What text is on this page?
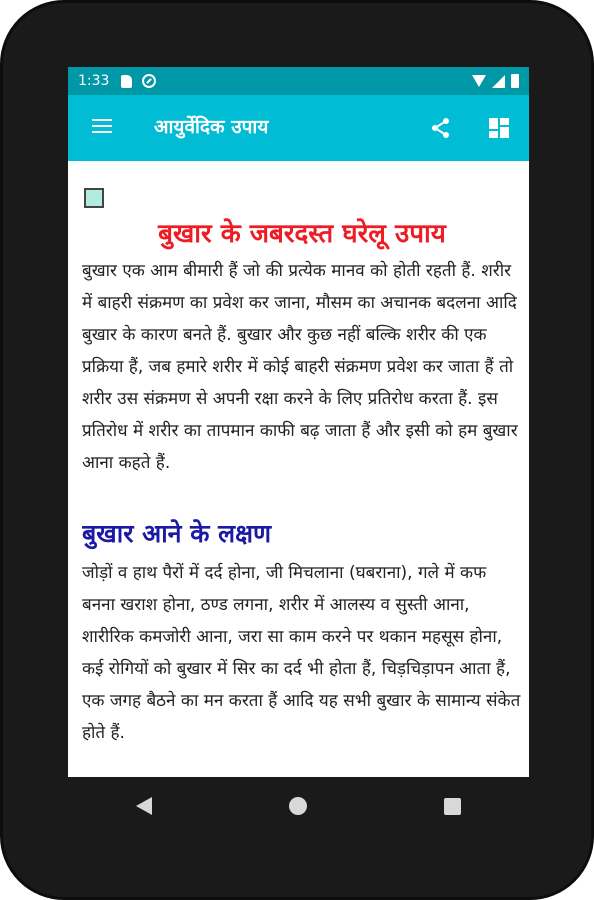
1:33
आयुर्वेदिक उपाय
बुखार के जबरदस्त घरेलू उपाय

बुखार एक आम बीमारी हैं जो की प्रत्येक मानव को होती रहती हैं. शरीर में बाहरी संक्रमण का प्रवेश कर जाना, मौसम का अचानक बदलना आदि बुखार के कारण बनते हैं. बुखार और कुछ नहीं बल्कि शरीर की एक प्रक्रिया हैं, जब हमारे शरीर में कोई बाहरी संक्रमण प्रवेश कर जाता हैं तो शरीर उस संक्रमण से अपनी रक्षा करने के लिए प्रतिरोध करता हैं. इस प्रतिरोध में शरीर का तापमान काफी बढ़ जाता हैं और इसी को हम बुखार आना कहते हैं.

बुखार आने के लक्षण

जोड़ों व हाथ पैरों में दर्द होना, जी मिचलाना (घबराना), गले में कफ बनना खराश होना, ठण्ड लगना, शरीर में आलस्य व सुस्ती आना, शारीरिक कमजोरी आना, जरा सा काम करने पर थकान महसूस होना, कई रोगियों को बुखार में सिर का दर्द भी होता हैं, चिड़चिड़ापन आता हैं, एक जगह बैठने का मन करता हैं आदि यह सभी बुखार के सामान्य संकेत होते हैं.
